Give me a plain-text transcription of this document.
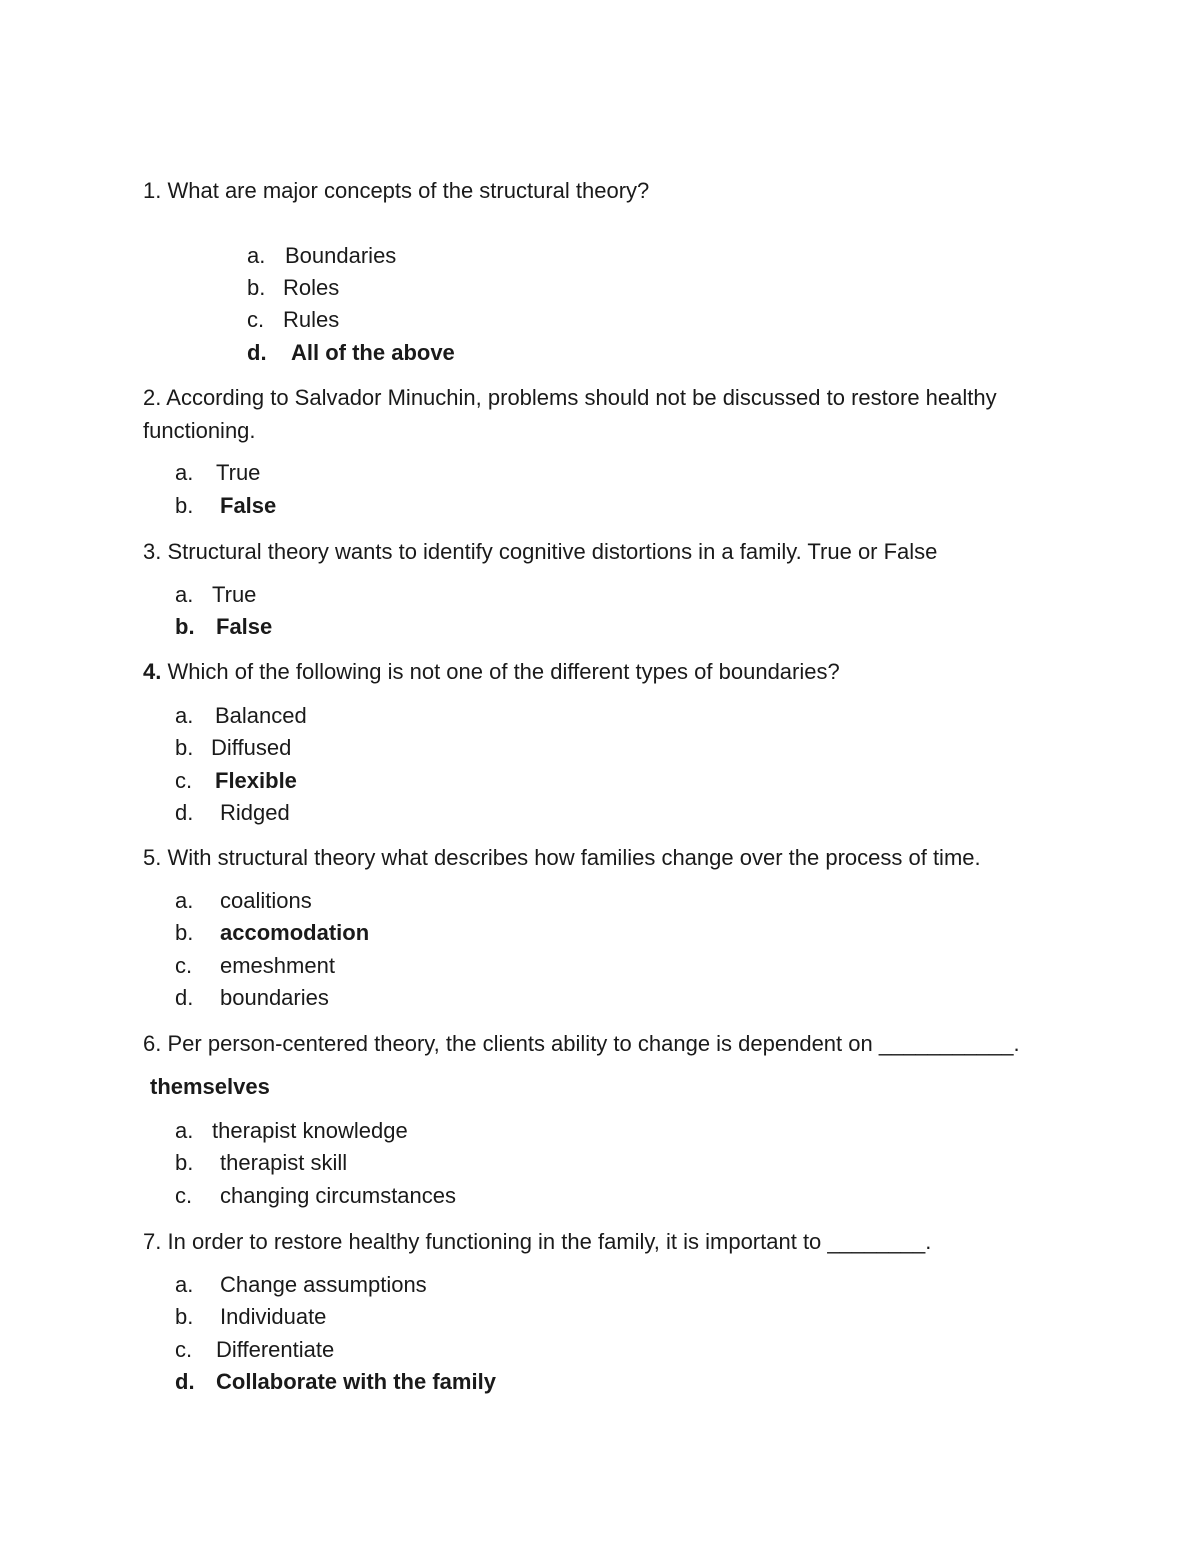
1. What are major concepts of the structural theory?

a. Boundaries
b. Roles
c. Rules
d. All of the above

2. According to Salvador Minuchin, problems should not be discussed to restore healthy functioning.

a. True
b. False

3. Structural theory wants to identify cognitive distortions in a family. True or False

a. True
b. False

4. Which of the following is not one of the different types of boundaries?

a. Balanced
b. Diffused
c. Flexible
d. Ridged

5. With structural theory what describes how families change over the process of time.

a. coalitions
b. accomodation
c. emeshment
d. boundaries

6. Per person-centered theory, the clients ability to change is dependent on ___________.

themselves
a. therapist knowledge
b. therapist skill
c. changing circumstances

7. In order to restore healthy functioning in the family, it is important to ________.

a. Change assumptions
b. Individuate
c. Differentiate
d. Collaborate with the family
